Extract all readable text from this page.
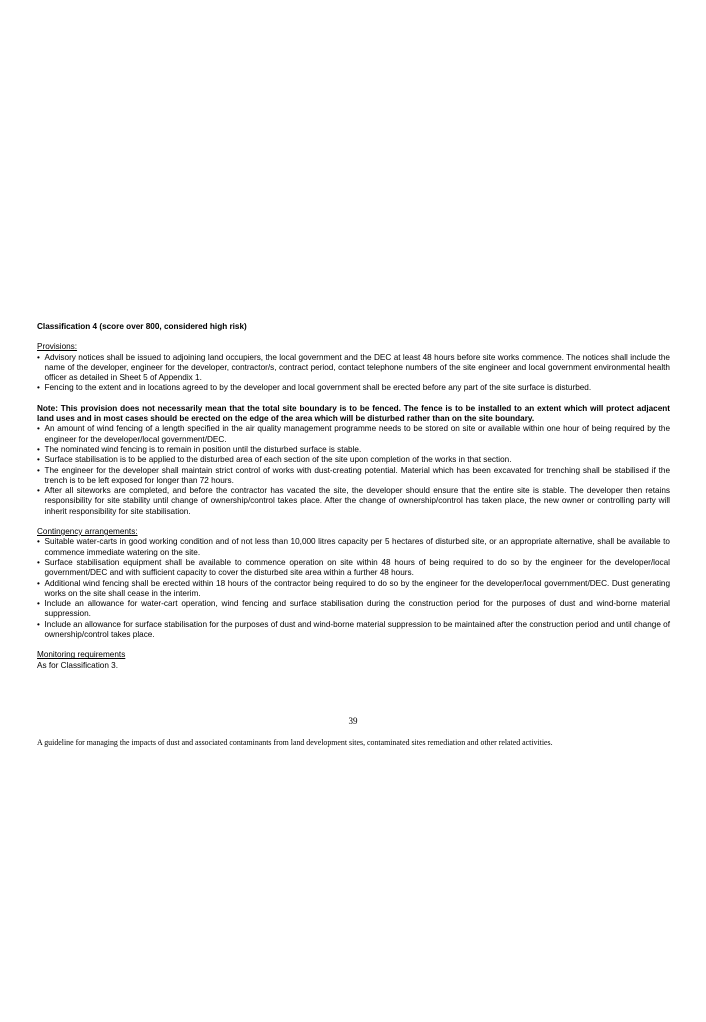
Classification 4 (score over 800, considered high risk)

Provisions:

• Advisory notices shall be issued to adjoining land occupiers, the local government and the DEC at least 48 hours before site works commence. The notices shall include the name of the developer, engineer for the developer, contractor/s, contract period, contact telephone numbers of the site engineer and local government environmental health officer as detailed in Sheet 5 of Appendix 1.
• Fencing to the extent and in locations agreed to by the developer and local government shall be erected before any part of the site surface is disturbed.

Note: This provision does not necessarily mean that the total site boundary is to be fenced. The fence is to be installed to an extent which will protect adjacent land uses and in most cases should be erected on the edge of the area which will be disturbed rather than on the site boundary.

• An amount of wind fencing of a length specified in the air quality management programme needs to be stored on site or available within one hour of being required by the engineer for the developer/local government/DEC.
• The nominated wind fencing is to remain in position until the disturbed surface is stable.
• Surface stabilisation is to be applied to the disturbed area of each section of the site upon completion of the works in that section.
• The engineer for the developer shall maintain strict control of works with dust-creating potential. Material which has been excavated for trenching shall be stabilised if the trench is to be left exposed for longer than 72 hours.
• After all siteworks are completed, and before the contractor has vacated the site, the developer should ensure that the entire site is stable. The developer then retains responsibility for site stability until change of ownership/control takes place. After the change of ownership/control has taken place, the new owner or controlling party will inherit responsibility for site stabilisation.

Contingency arrangements:

• Suitable water-carts in good working condition and of not less than 10,000 litres capacity per 5 hectares of disturbed site, or an appropriate alternative, shall be available to commence immediate watering on the site.
• Surface stabilisation equipment shall be available to commence operation on site within 48 hours of being required to do so by the engineer for the developer/local government/DEC and with sufficient capacity to cover the disturbed site area within a further 48 hours.
• Additional wind fencing shall be erected within 18 hours of the contractor being required to do so by the engineer for the developer/local government/DEC. Dust generating works on the site shall cease in the interim.
• Include an allowance for water-cart operation, wind fencing and surface stabilisation during the construction period for the purposes of dust and wind-borne material suppression.
• Include an allowance for surface stabilisation for the purposes of dust and wind-borne material suppression to be maintained after the construction period and until change of ownership/control takes place.

Monitoring requirements

As for Classification 3.

39
A guideline for managing the impacts of dust and associated contaminants from land development sites, contaminated sites remediation and other related activities.
